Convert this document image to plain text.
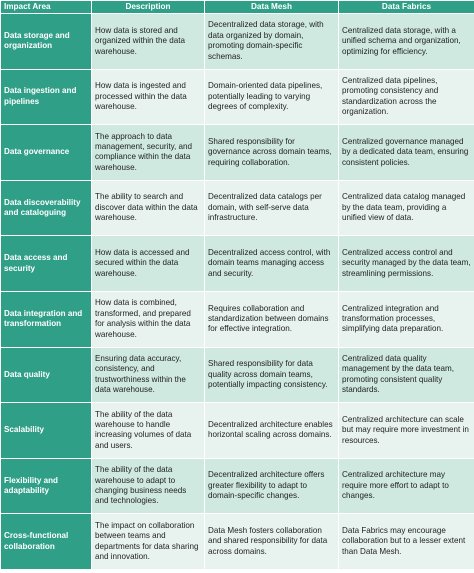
Impact Area	Description	Data Mesh	Data Fabrics
Data storage and organization	How data is stored and organized within the data warehouse.	Decentralized data storage, with data organized by domain, promoting domain-specific schemas.	Centralized data storage, with a unified schema and organization, optimizing for efficiency.
Data ingestion and pipelines	How data is ingested and processed within the data warehouse.	Domain-oriented data pipelines, potentially leading to varying degrees of complexity.	Centralized data pipelines, promoting consistency and standardization across the organization.
Data governance	The approach to data management, security, and compliance within the data warehouse.	Shared responsibility for governance across domain teams, requiring collaboration.	Centralized governance managed by a dedicated data team, ensuring consistent policies.
Data discoverability and cataloguing	The ability to search and discover data within the data warehouse.	Decentralized data catalogs per domain, with self-serve data infrastructure.	Centralized data catalog managed by the data team, providing a unified view of data.
Data access and security	How data is accessed and secured within the data warehouse.	Decentralized access control, with domain teams managing access and security.	Centralized access control and security managed by the data team, streamlining permissions.
Data integration and transformation	How data is combined, transformed, and prepared for analysis within the data warehouse.	Requires collaboration and standardization between domains for effective integration.	Centralized integration and transformation processes, simplifying data preparation.
Data quality	Ensuring data accuracy, consistency, and trustworthiness within the data warehouse.	Shared responsibility for data quality across domain teams, potentially impacting consistency.	Centralized data quality management by the data team, promoting consistent quality standards.
Scalability	The ability of the data warehouse to handle increasing volumes of data and users.	Decentralized architecture enables horizontal scaling across domains.	Centralized architecture can scale but may require more investment in resources.
Flexibility and adaptability	The ability of the data warehouse to adapt to changing business needs and technologies.	Decentralized architecture offers greater flexibility to adapt to domain-specific changes.	Centralized architecture may require more effort to adapt to changes.
Cross-functional collaboration	The impact on collaboration between teams and departments for data sharing and innovation.	Data Mesh fosters collaboration and shared responsibility for data across domains.	Data Fabrics may encourage collaboration but to a lesser extent than Data Mesh.
